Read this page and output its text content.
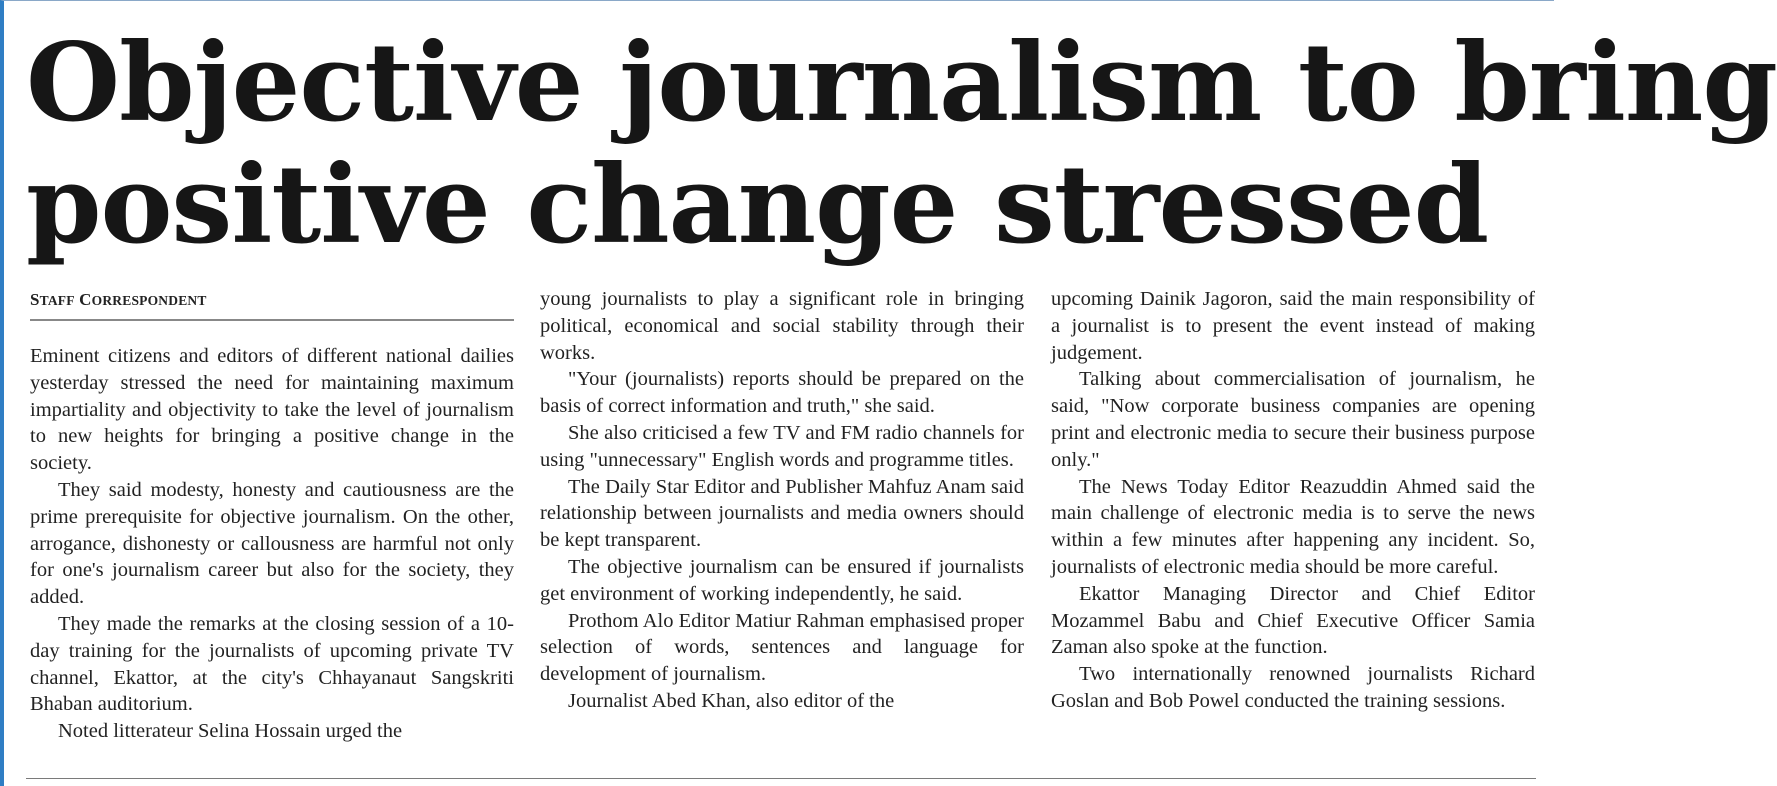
Objective journalism to bring
positive change stressed
STAFF CORRESPONDENT

Eminent citizens and editors of different national dailies yesterday stressed the need for maintaining maximum impartiality and objectivity to take the level of journalism to new heights for bringing a positive change in the society.

They said modesty, honesty and cautiousness are the prime prerequisite for objective journalism. On the other, arrogance, dishonesty or callousness are harmful not only for one's journalism career but also for the society, they added.

They made the remarks at the closing session of a 10-day training for the journalists of upcoming private TV channel, Ekattor, at the city's Chhayanaut Sangskriti Bhaban auditorium.

Noted litterateur Selina Hossain urged the

young journalists to play a significant role in bringing political, economical and social stability through their works.

"Your (journalists) reports should be prepared on the basis of correct information and truth," she said.

She also criticised a few TV and FM radio channels for using "unnecessary" English words and programme titles.

The Daily Star Editor and Publisher Mahfuz Anam said relationship between journalists and media owners should be kept transparent.

The objective journalism can be ensured if journalists get environment of working independently, he said.

Prothom Alo Editor Matiur Rahman emphasised proper selection of words, sentences and language for development of journalism.

Journalist Abed Khan, also editor of the

upcoming Dainik Jagoron, said the main responsibility of a journalist is to present the event instead of making judgement.

Talking about commercialisation of journalism, he said, "Now corporate business companies are opening print and electronic media to secure their business purpose only."

The News Today Editor Reazuddin Ahmed said the main challenge of electronic media is to serve the news within a few minutes after happening any incident. So, journalists of electronic media should be more careful.

Ekattor Managing Director and Chief Editor Mozammel Babu and Chief Executive Officer Samia Zaman also spoke at the function.

Two internationally renowned journalists Richard Goslan and Bob Powel conducted the training sessions.
